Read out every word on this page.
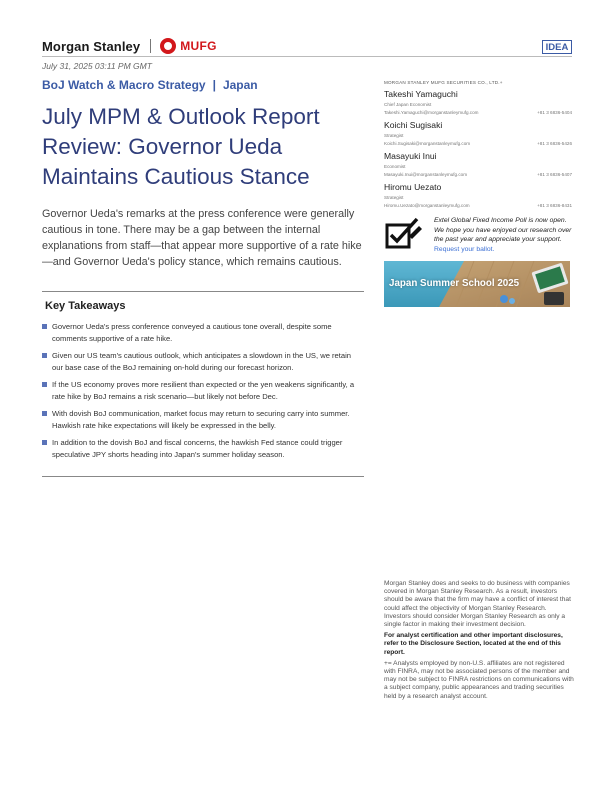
Morgan Stanley	MUFG	IDEA
July 31, 2025 03:11 PM GMT
BoJ Watch & Macro Strategy | Japan
July MPM & Outlook Report Review: Governor Ueda Maintains Cautious Stance

Governor Ueda's remarks at the press conference were generally cautious in tone. There may be a gap between the internal explanations from staff—that appear more supportive of a rate hike—and Governor Ueda's policy stance, which remains cautious.

Key Takeaways
Governor Ueda's press conference conveyed a cautious tone overall, despite some comments supportive of a rate hike.
Given our US team's cautious outlook, which anticipates a slowdown in the US, we retain our base case of the BoJ remaining on-hold during our forecast horizon.
If the US economy proves more resilient than expected or the yen weakens significantly, a rate hike by BoJ remains a risk scenario—but likely not before Dec.
With dovish BoJ communication, market focus may return to securing carry into summer. Hawkish rate hike expectations will likely be expressed in the belly.
In addition to the dovish BoJ and fiscal concerns, the hawkish Fed stance could trigger speculative JPY shorts heading into Japan's summer holiday season.
MORGAN STANLEY MUFG SECURITIES CO., LTD.+
Takeshi Yamaguchi
Chief Japan Economist
Takeshi.Yamaguchi@morganstanleymufg.com	+81 3 6836-5404
Koichi Sugisaki
Strategist
Koichi.Sugisaki@morganstanleymufg.com	+81 3 6836-5426
Masayuki Inui
Economist
Masayuki.Inui@morganstanleymufg.com	+81 3 6836-5407
Hiromu Uezato
Strategist
Hiromu.Uezato@morganstanleymufg.com	+81 3 6836-8431
Extel Global Fixed Income Poll is now open. We hope you have enjoyed our research over the past year and appreciate your support.
Request your ballot.
Japan Summer School 2025

Morgan Stanley does and seeks to do business with companies covered in Morgan Stanley Research. As a result, investors should be aware that the firm may have a conflict of interest that could affect the objectivity of Morgan Stanley Research. Investors should consider Morgan Stanley Research as only a single factor in making their investment decision.

For analyst certification and other important disclosures, refer to the Disclosure Section, located at the end of this report.

+= Analysts employed by non-U.S. affiliates are not registered with FINRA, may not be associated persons of the member and may not be subject to FINRA restrictions on communications with a subject company, public appearances and trading securities held by a research analyst account.
